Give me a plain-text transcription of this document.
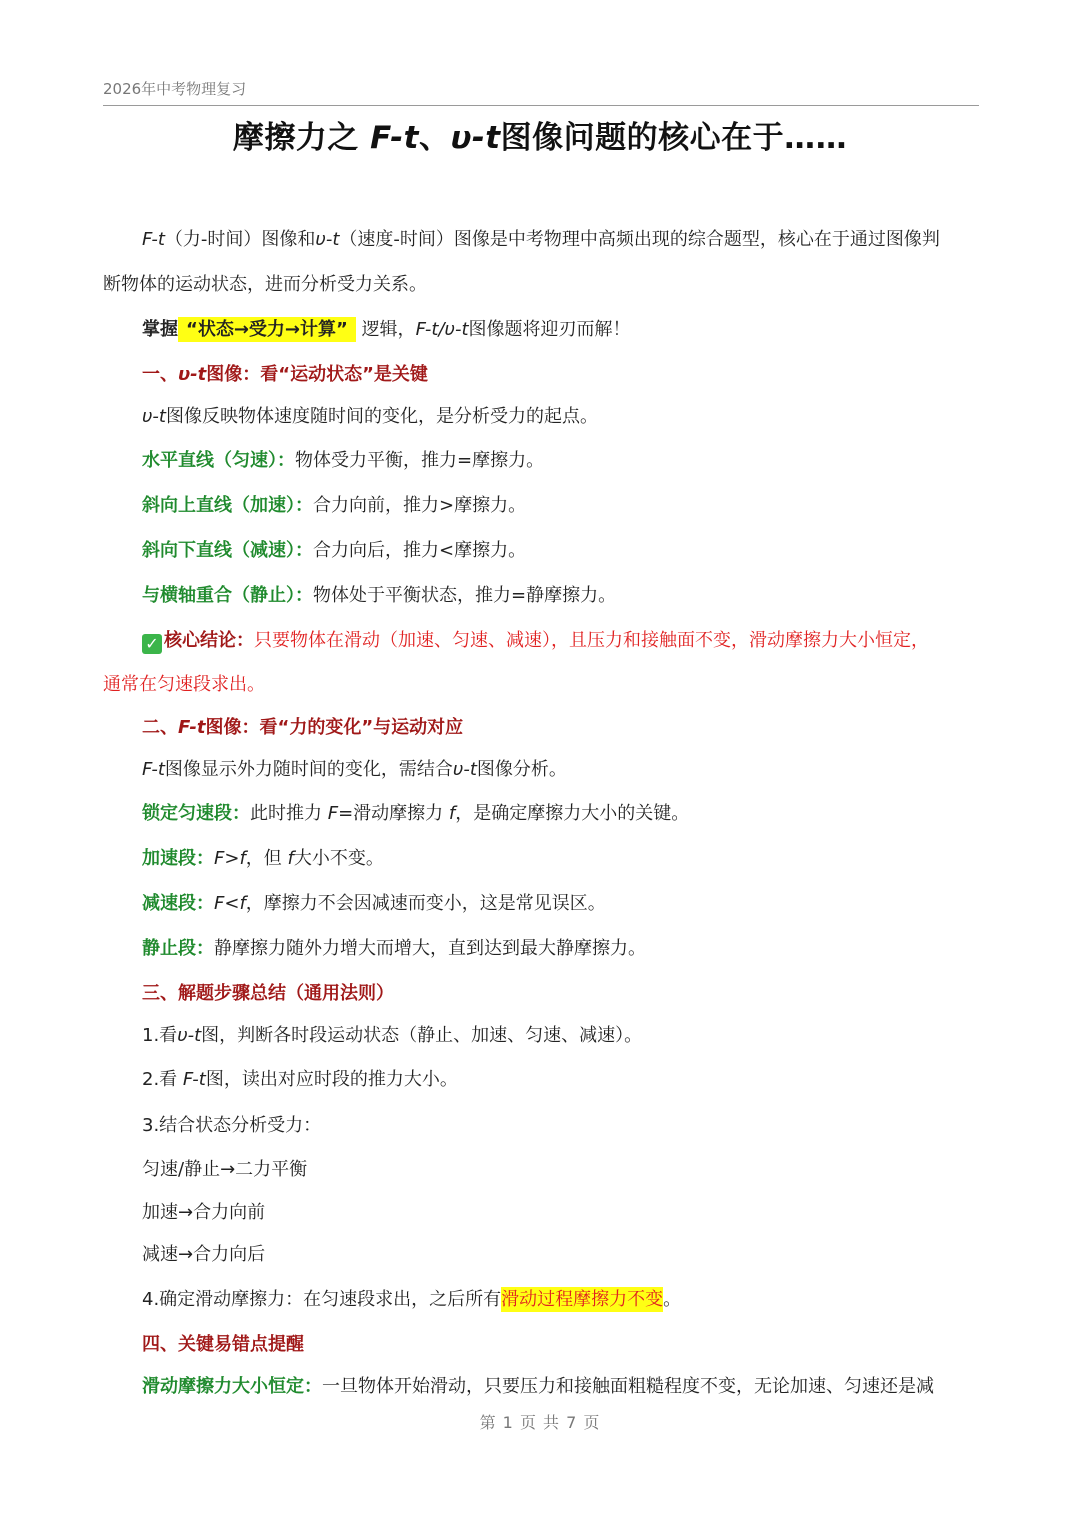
2026年中考物理复习
摩擦力之 F-t、υ-t图像问题的核心在于……
F-t（力-时间）图像和υ-t（速度-时间）图像是中考物理中高频出现的综合题型，核心在于通过图像判
断物体的运动状态，进而分析受力关系。
掌握 “状态→受力→计算” 逻辑，F-t/υ-t图像题将迎刃而解！
一、υ-t图像：看“运动状态”是关键
υ-t图像反映物体速度随时间的变化，是分析受力的起点。
水平直线（匀速）：物体受力平衡，推力=摩擦力。
斜向上直线（加速）：合力向前，推力>摩擦力。
斜向下直线（减速）：合力向后，推力<摩擦力。
与横轴重合（静止）：物体处于平衡状态，推力=静摩擦力。
✓ 核心结论：只要物体在滑动（加速、匀速、减速），且压力和接触面不变，滑动摩擦力大小恒定，
通常在匀速段求出。
二、F-t图像：看“力的变化”与运动对应
F-t图像显示外力随时间的变化，需结合υ-t图像分析。
锁定匀速段：此时推力 F=滑动摩擦力 f，是确定摩擦力大小的关键。
加速段：F>f，但 f大小不变。
减速段：F<f，摩擦力不会因减速而变小，这是常见误区。
静止段：静摩擦力随外力增大而增大，直到达到最大静摩擦力。
三、解题步骤总结（通用法则）
1.看υ-t图，判断各时段运动状态（静止、加速、匀速、减速）。
2.看 F-t图，读出对应时段的推力大小。
3.结合状态分析受力：
匀速/静止→二力平衡
加速→合力向前
减速→合力向后
4.确定滑动摩擦力：在匀速段求出，之后所有滑动过程摩擦力不变。
四、关键易错点提醒
滑动摩擦力大小恒定：一旦物体开始滑动，只要压力和接触面粗糙程度不变，无论加速、匀速还是减
第 1 页 共 7 页
